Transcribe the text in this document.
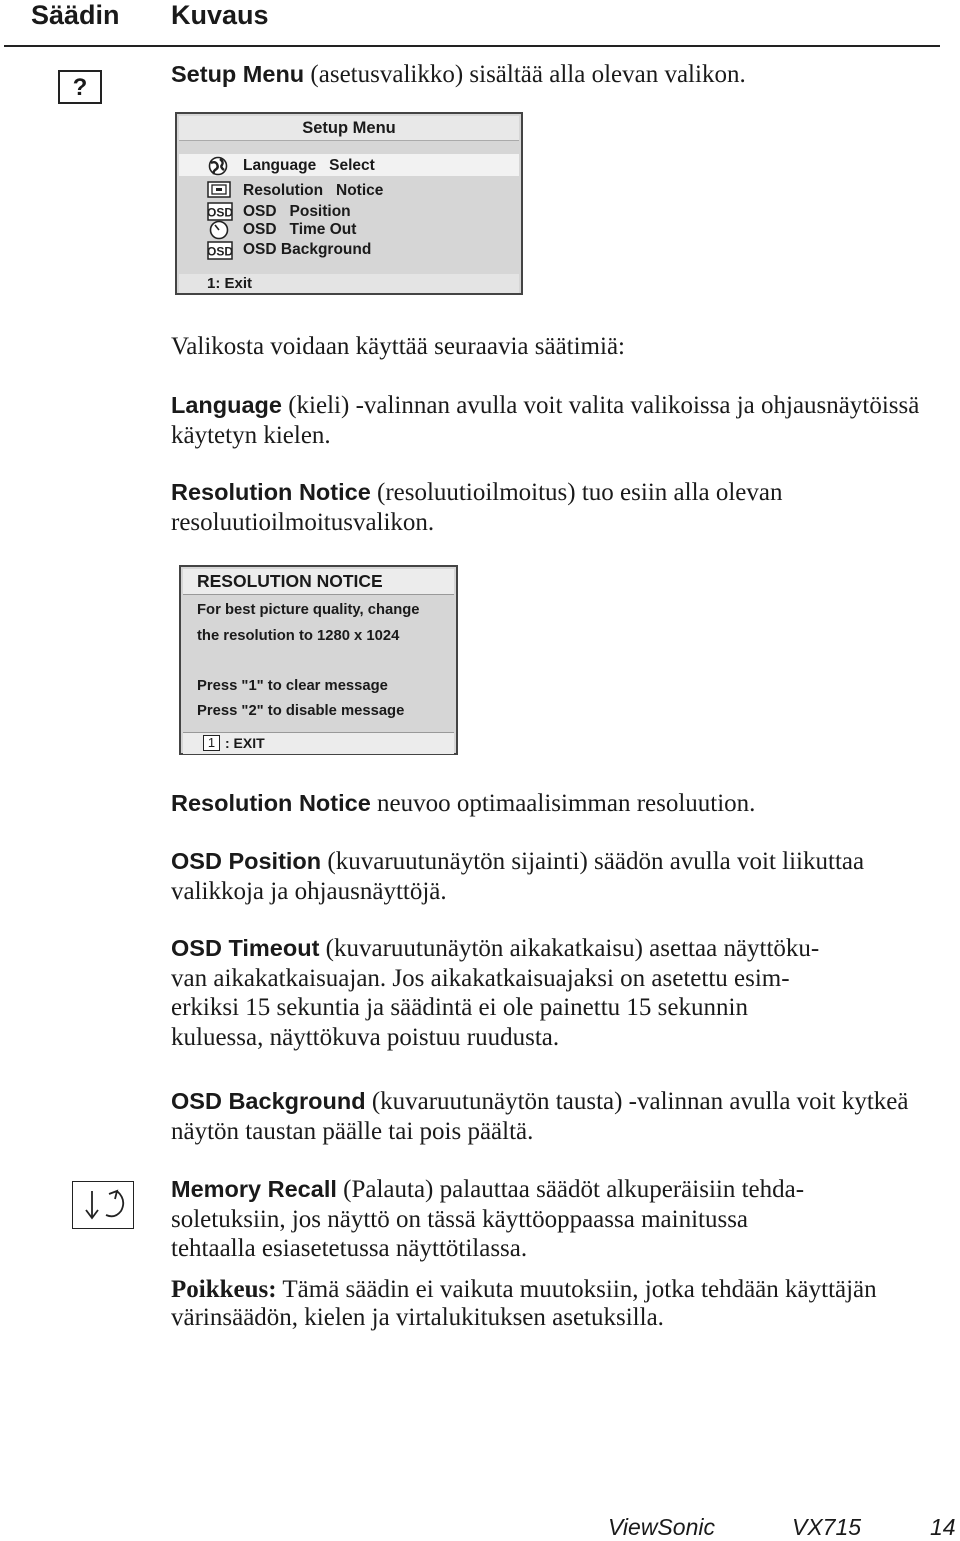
Säädin Kuvaus
?	Setup Menu (asetusvalikko) sisältää alla olevan valikon.
Setup Menu
OSD
OSD
Language   Select
Resolution   Notice
OSD   Position
OSD   Time Out
OSD Background
1: Exit
Valikosta voidaan käyttää seuraavia säätimiä:
Language (kieli) -valinnan avulla voit valita valikoissa ja ohjausnäytöissä käytetyn kielen.
Resolution Notice (resoluutioilmoitus) tuo esiin alla olevan resoluutioilmoitusvalikon.
RESOLUTION NOTICE
For best picture quality, change
the resolution to 1280 x 1024
Press "1" to clear message
Press "2" to disable message
1 : EXIT
Resolution Notice neuvoo optimaalisimman resoluution.
OSD Position (kuvaruutunäytön sijainti) säädön avulla voit liikuttaa valikkoja ja ohjausnäyttöjä.
OSD Timeout (kuvaruutunäytön aikakatkaisu) asettaa näyttöku-
van aikakatkaisuajan. Jos aikakatkaisuajaksi on asetettu esim-
erkiksi 15 sekuntia ja säädintä ei ole painettu 15 sekunnin
kuluessa, näyttökuva poistuu ruudusta.
OSD Background (kuvaruutunäytön tausta) -valinnan avulla voit kytkeä näytön taustan päälle tai pois päältä.
Memory Recall (Palauta) palauttaa säädöt alkuperäisiin tehda-
soletuksiin, jos näyttö on tässä käyttöoppaassa mainitussa
tehtaalla esiasetetussa näyttötilassa.
Poikkeus: Tämä säädin ei vaikuta muutoksiin, jotka tehdään käyttäjän värinsäädön, kielen ja virtalukituksen asetuksilla.
ViewSonic	VX715	14
